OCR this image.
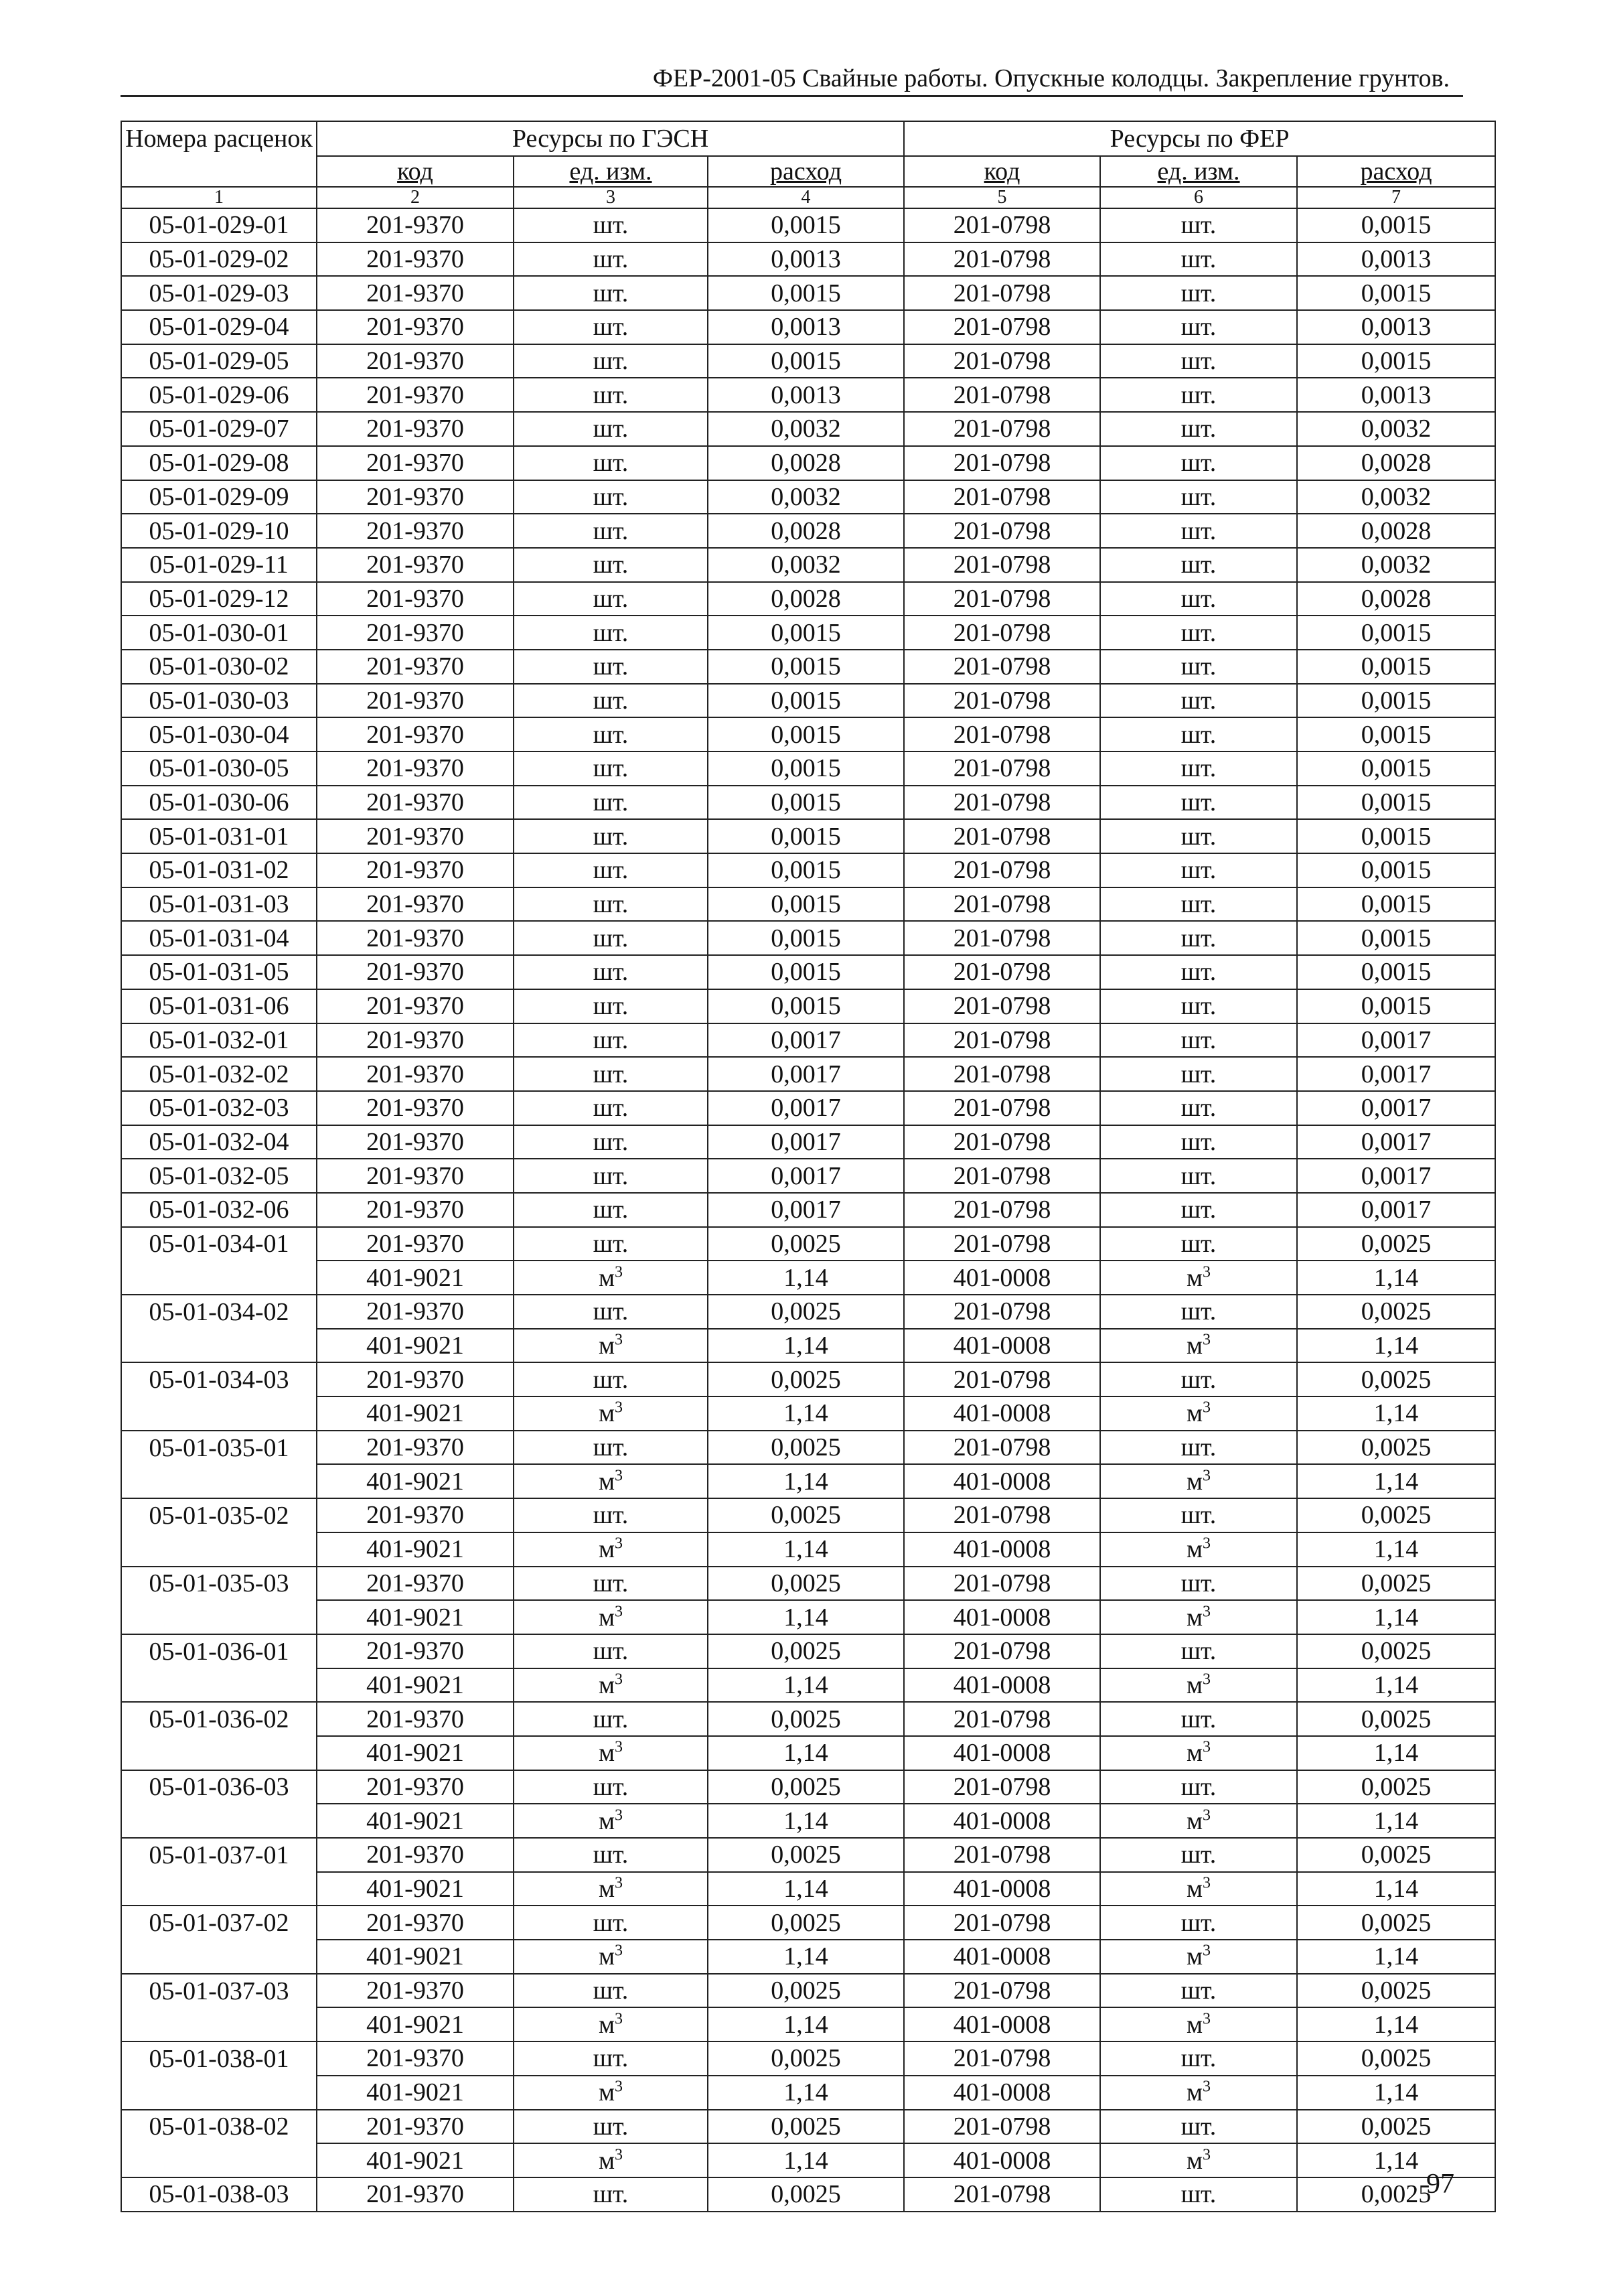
ФЕР-2001-05 Свайные работы. Опускные колодцы. Закрепление грунтов.
Номера расценок	Ресурсы по ГЭСН			Ресурсы по ФЕР		
	код	ед. изм.	расход	код	ед. изм.	расход
1	2	3	4	5	6	7
05-01-029-01	201-9370	шт.	0,0015	201-0798	шт.	0,0015
05-01-029-02	201-9370	шт.	0,0013	201-0798	шт.	0,0013
05-01-029-03	201-9370	шт.	0,0015	201-0798	шт.	0,0015
05-01-029-04	201-9370	шт.	0,0013	201-0798	шт.	0,0013
05-01-029-05	201-9370	шт.	0,0015	201-0798	шт.	0,0015
05-01-029-06	201-9370	шт.	0,0013	201-0798	шт.	0,0013
05-01-029-07	201-9370	шт.	0,0032	201-0798	шт.	0,0032
05-01-029-08	201-9370	шт.	0,0028	201-0798	шт.	0,0028
05-01-029-09	201-9370	шт.	0,0032	201-0798	шт.	0,0032
05-01-029-10	201-9370	шт.	0,0028	201-0798	шт.	0,0028
05-01-029-11	201-9370	шт.	0,0032	201-0798	шт.	0,0032
05-01-029-12	201-9370	шт.	0,0028	201-0798	шт.	0,0028
05-01-030-01	201-9370	шт.	0,0015	201-0798	шт.	0,0015
05-01-030-02	201-9370	шт.	0,0015	201-0798	шт.	0,0015
05-01-030-03	201-9370	шт.	0,0015	201-0798	шт.	0,0015
05-01-030-04	201-9370	шт.	0,0015	201-0798	шт.	0,0015
05-01-030-05	201-9370	шт.	0,0015	201-0798	шт.	0,0015
05-01-030-06	201-9370	шт.	0,0015	201-0798	шт.	0,0015
05-01-031-01	201-9370	шт.	0,0015	201-0798	шт.	0,0015
05-01-031-02	201-9370	шт.	0,0015	201-0798	шт.	0,0015
05-01-031-03	201-9370	шт.	0,0015	201-0798	шт.	0,0015
05-01-031-04	201-9370	шт.	0,0015	201-0798	шт.	0,0015
05-01-031-05	201-9370	шт.	0,0015	201-0798	шт.	0,0015
05-01-031-06	201-9370	шт.	0,0015	201-0798	шт.	0,0015
05-01-032-01	201-9370	шт.	0,0017	201-0798	шт.	0,0017
05-01-032-02	201-9370	шт.	0,0017	201-0798	шт.	0,0017
05-01-032-03	201-9370	шт.	0,0017	201-0798	шт.	0,0017
05-01-032-04	201-9370	шт.	0,0017	201-0798	шт.	0,0017
05-01-032-05	201-9370	шт.	0,0017	201-0798	шт.	0,0017
05-01-032-06	201-9370	шт.	0,0017	201-0798	шт.	0,0017
05-01-034-01	201-9370	шт.	0,0025	201-0798	шт.	0,0025
	401-9021	$м^3$	1,14	401-0008	$м^3$	1,14
05-01-034-02	201-9370	шт.	0,0025	201-0798	шт.	0,0025
	401-9021	$м^3$	1,14	401-0008	$м^3$	1,14
05-01-034-03	201-9370	шт.	0,0025	201-0798	шт.	0,0025
	401-9021	$м^3$	1,14	401-0008	$м^3$	1,14
05-01-035-01	201-9370	шт.	0,0025	201-0798	шт.	0,0025
	401-9021	$м^3$	1,14	401-0008	$м^3$	1,14
05-01-035-02	201-9370	шт.	0,0025	201-0798	шт.	0,0025
	401-9021	$м^3$	1,14	401-0008	$м^3$	1,14
05-01-035-03	201-9370	шт.	0,0025	201-0798	шт.	0,0025
	401-9021	$м^3$	1,14	401-0008	$м^3$	1,14
05-01-036-01	201-9370	шт.	0,0025	201-0798	шт.	0,0025
	401-9021	$м^3$	1,14	401-0008	$м^3$	1,14
05-01-036-02	201-9370	шт.	0,0025	201-0798	шт.	0,0025
	401-9021	$м^3$	1,14	401-0008	$м^3$	1,14
05-01-036-03	201-9370	шт.	0,0025	201-0798	шт.	0,0025
	401-9021	$м^3$	1,14	401-0008	$м^3$	1,14
05-01-037-01	201-9370	шт.	0,0025	201-0798	шт.	0,0025
	401-9021	$м^3$	1,14	401-0008	$м^3$	1,14
05-01-037-02	201-9370	шт.	0,0025	201-0798	шт.	0,0025
	401-9021	$м^3$	1,14	401-0008	$м^3$	1,14
05-01-037-03	201-9370	шт.	0,0025	201-0798	шт.	0,0025
	401-9021	$м^3$	1,14	401-0008	$м^3$	1,14
05-01-038-01	201-9370	шт.	0,0025	201-0798	шт.	0,0025
	401-9021	$м^3$	1,14	401-0008	$м^3$	1,14
05-01-038-02	201-9370	шт.	0,0025	201-0798	шт.	0,0025
	401-9021	$м^3$	1,14	401-0008	$м^3$	1,14
05-01-038-03	201-9370	шт.	0,0025	201-0798	шт.	0,0025
97
